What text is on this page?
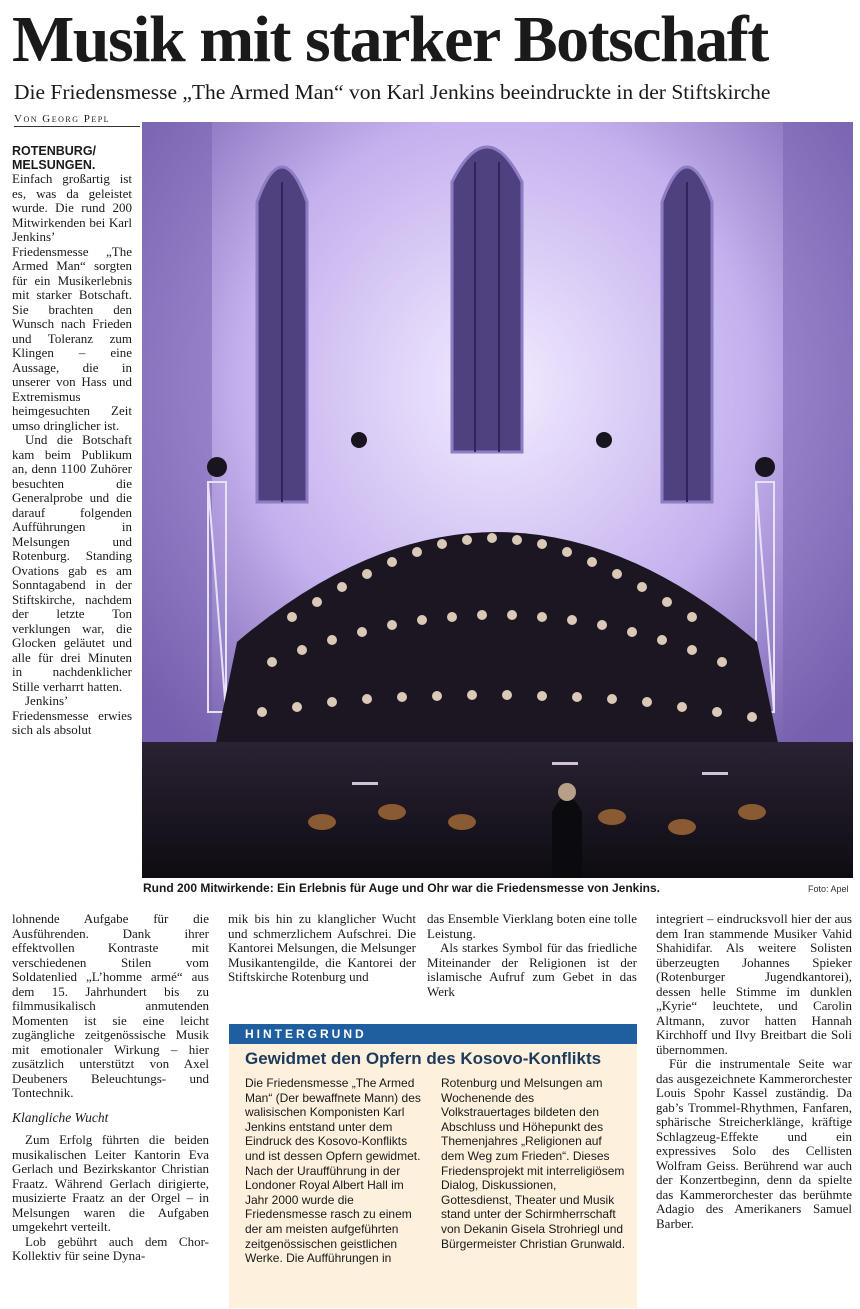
Musik mit starker Botschaft
Die Friedensmesse „The Armed Man“ von Karl Jenkins beeindruckte in der Stiftskirche
Von Georg Pepl

ROTENBURG/ MELSUNGEN.

Einfach großartig ist es, was da geleistet wurde. Die rund 200 Mitwirkenden bei Karl Jenkins’ Friedensmesse „The Armed Man“ sorgten für ein Musikerlebnis mit starker Botschaft. Sie brachten den Wunsch nach Frieden und Toleranz zum Klingen – eine Aussage, die in unserer von Hass und Extremismus heimgesuchten Zeit umso dringlicher ist.

Und die Botschaft kam beim Publikum an, denn 1100 Zuhörer besuchten die Generalprobe und die darauf folgenden Aufführungen in Melsungen und Rotenburg. Standing Ovations gab es am Sonntagabend in der Stiftskirche, nachdem der letzte Ton verklungen war, die Glocken geläutet und alle für drei Minuten in nachdenklicher Stille verharrt hatten.

Jenkins’ Friedensmesse erwies sich als absolut

Rund 200 Mitwirkende: Ein Erlebnis für Auge und Ohr war die Friedensmesse von Jenkins.	Foto: Apel

lohnende Aufgabe für die Ausführenden. Dank ihrer effektvollen Kontraste mit verschiedenen Stilen vom Soldatenlied „L’homme armé“ aus dem 15. Jahrhundert bis zu filmmusikalisch anmutenden Momenten ist sie eine leicht zugängliche zeitgenössische Musik mit emotionaler Wirkung – hier zusätzlich unterstützt von Axel Deubeners Beleuchtungs- und Tontechnik.

Klangliche Wucht

Zum Erfolg führten die beiden musikalischen Leiter Kantorin Eva Gerlach und Bezirkskantor Christian Fraatz. Während Gerlach dirigierte, musizierte Fraatz an der Orgel – in Melsungen waren die Aufgaben umgekehrt verteilt.

Lob gebührt auch dem Chor-Kollektiv für seine Dyna-

mik bis hin zu klanglicher Wucht und schmerzlichem Aufschrei. Die Kantorei Melsungen, die Melsunger Musikantengilde, die Kantorei der Stiftskirche Rotenburg und

das Ensemble Vierklang boten eine tolle Leistung.

Als starkes Symbol für das friedliche Miteinander der Religionen ist der islamische Aufruf zum Gebet in das Werk

integriert – eindrucksvoll hier der aus dem Iran stammende Musiker Vahid Shahidifar. Als weitere Solisten überzeugten Johannes Spieker (Rotenburger Jugendkantorei), dessen helle Stimme im dunklen „Kyrie“ leuchtete, und Carolin Altmann, zuvor hatten Hannah Kirchhoff und Ilvy Breitbart die Soli übernommen.

Für die instrumentale Seite war das ausgezeichnete Kammerorchester Louis Spohr Kassel zuständig. Da gab’s Trommel-Rhythmen, Fanfaren, sphärische Streicherklänge, kräftige Schlagzeug-Effekte und ein expressives Solo des Cellisten Wolfram Geiss. Berührend war auch der Konzertbeginn, denn da spielte das Kammerorchester das berühmte Adagio des Amerikaners Samuel Barber.

HINTERGRUND
Gewidmet den Opfern des Kosovo-Konflikts

Die Friedensmesse „The Armed Man“ (Der bewaffnete Mann) des walisischen Komponisten Karl Jenkins entstand unter dem Eindruck des Kosovo-Konflikts und ist dessen Opfern gewidmet. Nach der Uraufführung in der Londoner Royal Albert Hall im Jahr 2000 wurde die Friedensmesse rasch zu einem der am meisten aufgeführten zeitgenössischen geistlichen Werke. Die Aufführungen in

Rotenburg und Melsungen am Wochenende des Volkstrauertages bildeten den Abschluss und Höhepunkt des Themenjahres „Religionen auf dem Weg zum Frieden“. Dieses Friedensprojekt mit interreligiösem Dialog, Diskussionen, Gottesdienst, Theater und Musik stand unter der Schirmherrschaft von Dekanin Gisela Strohriegl und Bürgermeister Christian Grunwald.
